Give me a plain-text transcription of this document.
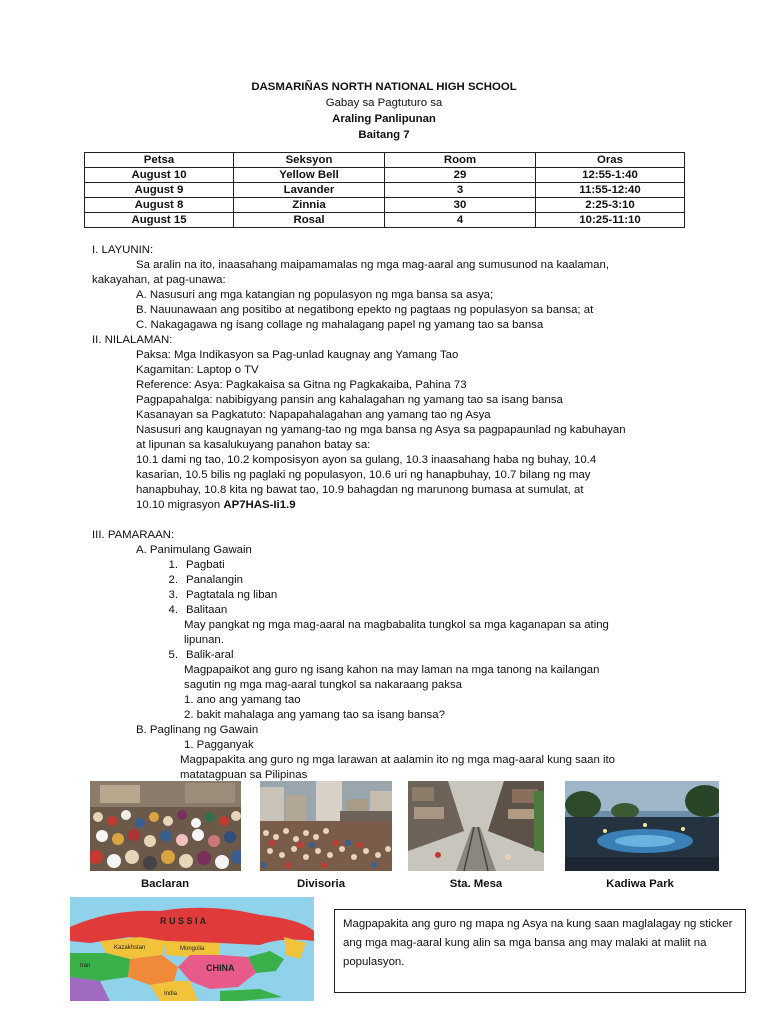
DASMARIÑAS NORTH NATIONAL HIGH SCHOOL
Gabay sa Pagtuturo sa
Araling Panlipunan
Baitang 7
Petsa	Seksyon	Room	Oras
August 10	Yellow Bell	29	12:55-1:40
August 9	Lavander	3	11:55-12:40
August 8	Zinnia	30	2:25-3:10
August 15	Rosal	4	10:25-11:10
I. LAYUNIN:
Sa aralin na ito, inaasahang maipamamalas ng mga mag-aaral ang sumusunod na kaalaman,
kakayahan, at pag-unawa:
A. Nasusuri ang mga katangian ng populasyon ng mga bansa sa asya;
B. Nauunawaan ang positibo at negatibong epekto ng pagtaas ng populasyon sa bansa; at
C. Nakagagawa ng isang collage ng mahalagang papel ng yamang tao sa bansa
II. NILALAMAN:
Paksa: Mga Indikasyon sa Pag-unlad kaugnay ang Yamang Tao
Kagamitan: Laptop o TV
Reference: Asya: Pagkakaisa sa Gitna ng Pagkakaiba, Pahina 73
Pagpapahalga: nabibigyang pansin ang kahalagahan ng yamang tao sa isang bansa
Kasanayan sa Pagkatuto: Napapahalagahan ang yamang tao ng Asya
Nasusuri ang kaugnayan ng yamang-tao ng mga bansa ng Asya sa pagpapaunlad ng kabuhayan
at lipunan sa kasalukuyang panahon batay sa:
10.1 dami ng tao, 10.2 komposisyon ayon sa gulang, 10.3 inaasahang haba ng buhay, 10.4
kasarian, 10.5 bilis ng paglaki ng populasyon, 10.6 uri ng hanapbuhay, 10.7 bilang ng may
hanapbuhay, 10.8 kita ng bawat tao, 10.9 bahagdan ng marunong bumasa at sumulat, at
10.10 migrasyon AP7HAS-Ii1.9
III. PAMARAAN:
A. Panimulang Gawain
1. Pagbati
2. Panalangin
3. Pagtatala ng liban
4. Balitaan
May pangkat ng mga mag-aaral na magbabalita tungkol sa mga kaganapan sa ating
lipunan.
5. Balik-aral
Magpapaikot ang guro ng isang kahon na may laman na mga tanong na kailangan
sagutin ng mga mag-aaral tungkol sa nakaraang paksa
1. ano ang yamang tao
2. bakit mahalaga ang yamang tao sa isang bansa?
B. Paglinang ng Gawain
1. Pagganyak
Magpapakita ang guro ng mga larawan at aalamin ito ng mga mag-aaral kung saan ito
matatagpuan sa Pilipinas
Baclaran	Divisoria	Sta. Mesa	Kadiwa Park
R U S S I A
Kazakhstan	Mongolia
CHINA
India
Iran
Magpapakita ang guro ng mapa ng Asya na kung saan maglalagay ng sticker ang mga mag-aaral kung alin sa mga bansa ang may malaki at maliit na populasyon.
